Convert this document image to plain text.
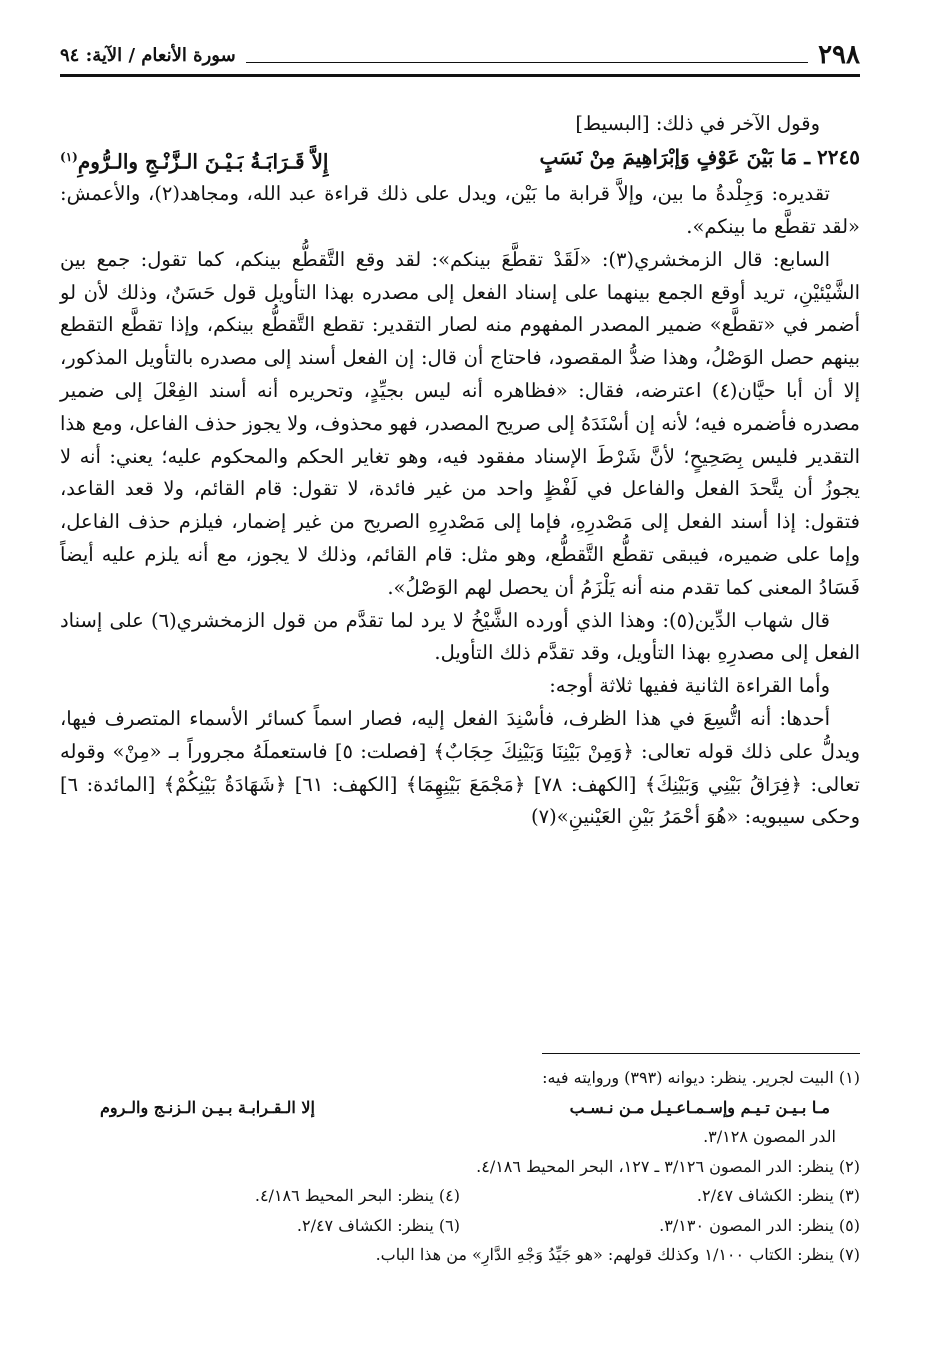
٢٩٨
سورة الأنعام / الآية: ٩٤

وقول الآخر في ذلك: [البسيط]

٢٢٤٥ ـ مَا بَيْنَ عَوْفٍ وَإبْرَاهِيمَ مِنْ نَسَبٍ
إِلاَّ قَـرَابَـةُ بَـيْـنَ الـزَّنْـجِ والـرُّومِ$^{(١)}$

تقديره: وَجِلْدةُ ما بين، وإلاَّ قرابة ما بَيْن، ويدل على ذلك قراءة عبد الله، ومجاهد(٢)، والأعمش: «لقد تقطَّع ما بينكم».

السابع: قال الزمخشري(٣): «لَقَدْ تقطَّعَ بينكم»: لقد وقع التَّقطُّع بينكم، كما تقول: جمع بين الشَّيْئيْنِ، تريد أوقع الجمع بينهما على إسناد الفعل إلى مصدره بهذا التأويل قول حَسَنٌ، وذلك لأن لو أضمر في «تقطَّع» ضمير المصدر المفهوم منه لصار التقدير: تقطع التَّقطُّع بينكم، وإذا تقطَّع التقطع بينهم حصل الوَصْلُ، وهذا ضدُّ المقصود، فاحتاج أن قال: إن الفعل أسند إلى مصدره بالتأويل المذكور، إلا أن أبا حيَّان(٤) اعترضه، فقال: «فظاهره أنه ليس بجيِّدٍ، وتحريره أنه أسند الفِعْلَ إلى ضمير مصدره فأضمره فيه؛ لأنه إن أسْنَدَهُ إلى صريح المصدر، فهو محذوف، ولا يجوز حذف الفاعل، ومع هذا التقدير فليس بِصَحِيحٍ؛ لأنَّ شَرْطَ الإسناد مفقود فيه، وهو تغاير الحكم والمحكوم عليه؛ يعني: أنه لا يجوزُ أن يتَّحدَ الفعل والفاعل في لَفْظٍ واحد من غير فائدة، لا تقول: قام القائم، ولا قعد القاعد، فتقول: إذا أسند الفعل إلى مَصْدرِهِ، فإما إلى مَصْدرِهِ الصريح من غير إضمار، فيلزم حذف الفاعل، وإما على ضميره، فيبقى تقطُّع التَّقطُّع، وهو مثل: قام القائم، وذلك لا يجوز، مع أنه يلزم عليه أيضاً فَسَادُ المعنى كما تقدم منه أنه يَلْزَمُ أن يحصل لهم الوَصْلُ».

قال شهاب الدِّين(٥): وهذا الذي أورده الشَّيْخُ لا يرد لما تقدَّم من قول الزمخشري(٦) على إسناد الفعل إلى مصدرِهِ بهذا التأويل، وقد تقدَّم ذلك التأويل.

وأما القراءة الثانية ففيها ثلاثة أوجه:

أحدها: أنه اتُّسِعَ في هذا الظرف، فأسْنِدَ الفعل إليه، فصار اسماً كسائر الأسماء المتصرف فيها، ويدلُّ على ذلك قوله تعالى: ﴿وَمِنْ بَيْنِنَا وَبَيْنِكَ حِجَابٌ﴾ [فصلت: ٥] فاستعملَهُ مجروراً بـ «مِنْ» وقوله تعالى: ﴿فِرَاقُ بَيْنِي وَبَيْنِكَ﴾ [الكهف: ٧٨] ﴿مَجْمَعَ بَيْنِهِمَا﴾ [الكهف: ٦١] ﴿شَهَادَةُ بَيْنِكُمْ﴾ [المائدة: ٦] وحكى سيبويه: «هُوَ أحْمَرُ بَيْنِ العَيْنينِ»(٧)

(١) البيت لجرير. ينظر: ديوانه (٣٩٣) وروايته فيه:
مـا بـيـن تـيـم وإسـمـاعـيـل مـن نـسـب
إلا الـقـرابـة بـيـن الـزنـج والـروم
الدر المصون ٣/١٢٨.
(٢) ينظر: الدر المصون ٣/١٢٦ ـ ١٢٧، البحر المحيط ٤/١٨٦.
(٣) ينظر: الكشاف ٢/٤٧.
(٤) ينظر: البحر المحيط ٤/١٨٦.
(٥) ينظر: الدر المصون ٣/١٣٠.
(٦) ينظر: الكشاف ٢/٤٧.
(٧) ينظر: الكتاب ١/١٠٠ وكذلك قولهم: «هو جَيِّدُ وَجْهِ الدَّارِ» من هذا الباب.
